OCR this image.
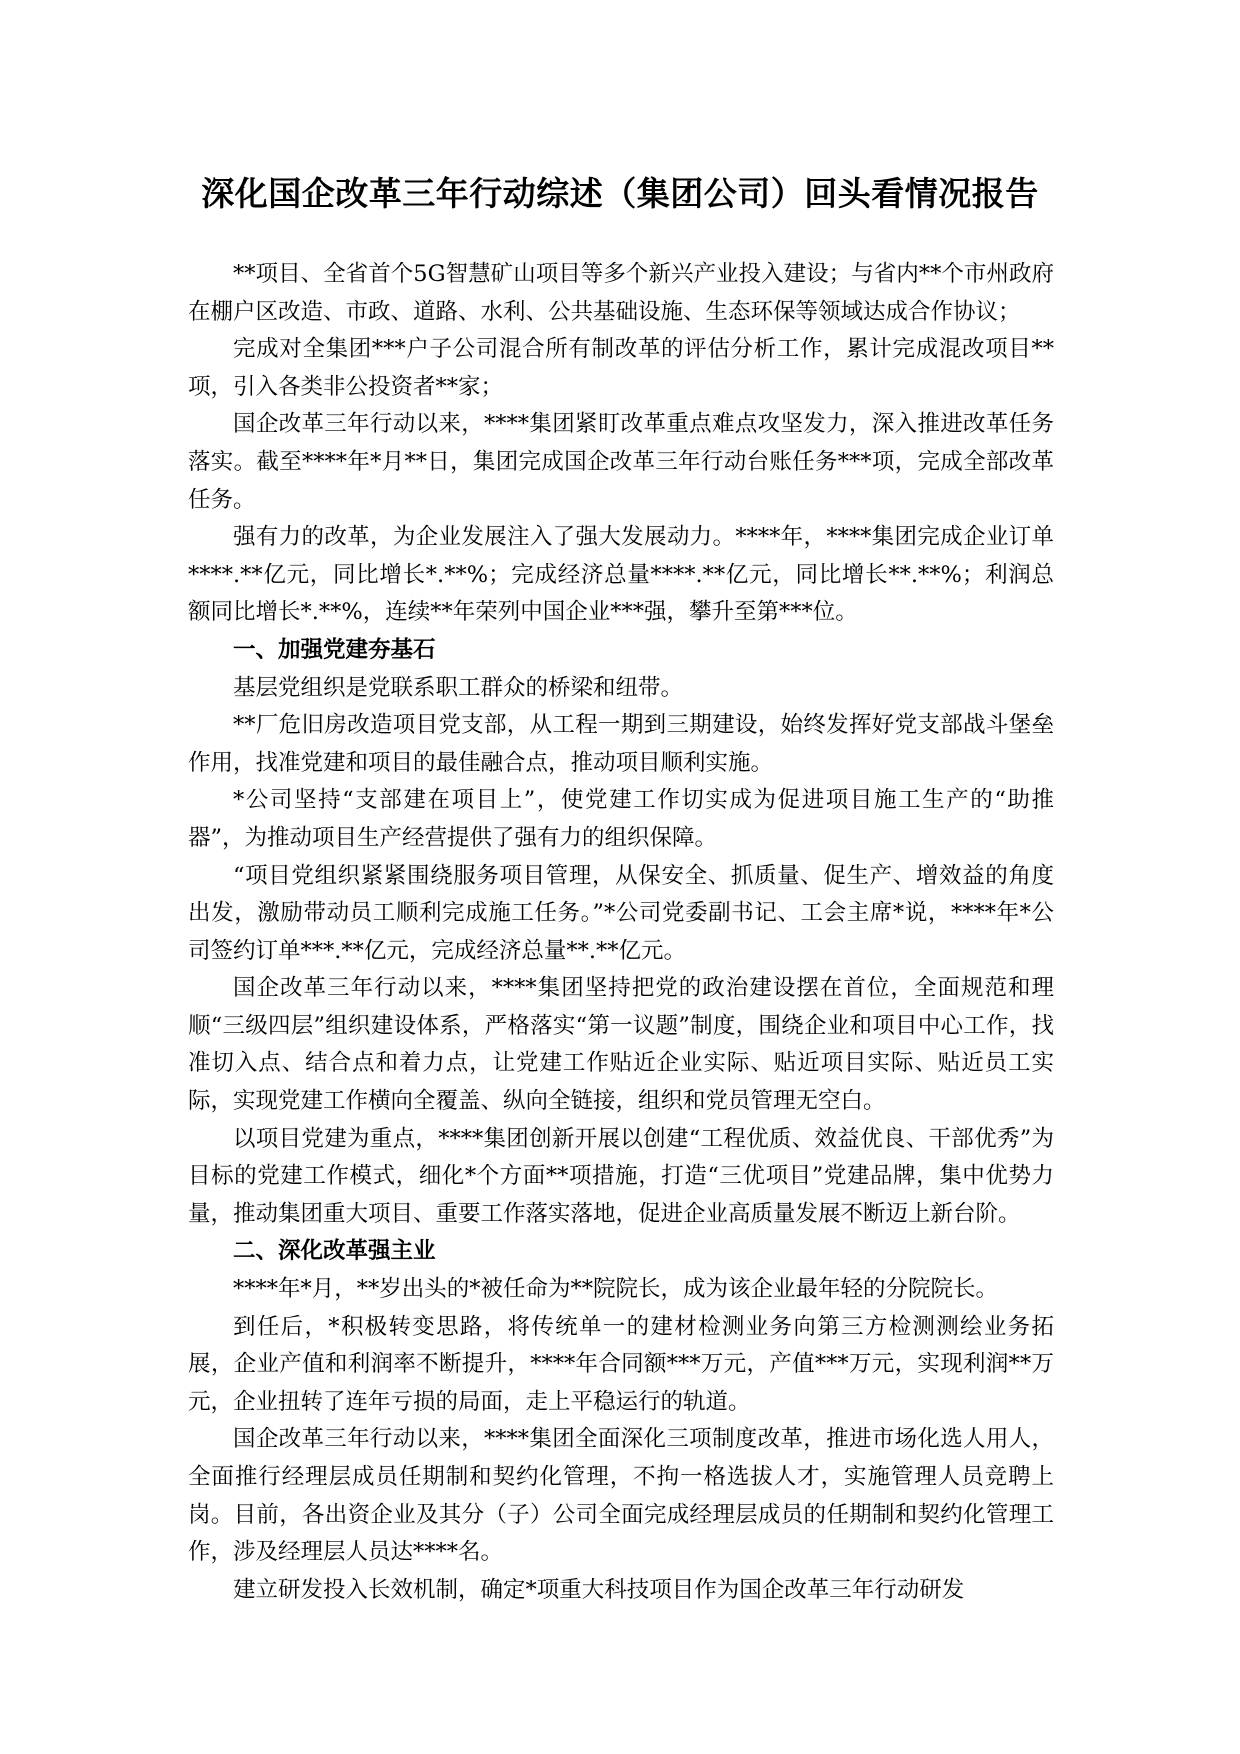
深化国企改革三年行动综述（集团公司）回头看情况报告

**项目、全省首个5G智慧矿山项目等多个新兴产业投入建设；与省内**个市州政府在棚户区改造、市政、道路、水利、公共基础设施、生态环保等领域达成合作协议；

完成对全集团***户子公司混合所有制改革的评估分析工作，累计完成混改项目**项，引入各类非公投资者**家；

国企改革三年行动以来，****集团紧盯改革重点难点攻坚发力，深入推进改革任务落实。截至****年*月**日，集团完成国企改革三年行动台账任务***项，完成全部改革任务。

强有力的改革，为企业发展注入了强大发展动力。****年，****集团完成企业订单****.**亿元，同比增长*.**%；完成经济总量****.**亿元，同比增长**.**%；利润总额同比增长*.**%，连续**年荣列中国企业***强，攀升至第***位。

一、加强党建夯基石

基层党组织是党联系职工群众的桥梁和纽带。

**厂危旧房改造项目党支部，从工程一期到三期建设，始终发挥好党支部战斗堡垒作用，找准党建和项目的最佳融合点，推动项目顺利实施。

*公司坚持“支部建在项目上”，使党建工作切实成为促进项目施工生产的“助推器”，为推动项目生产经营提供了强有力的组织保障。

“项目党组织紧紧围绕服务项目管理，从保安全、抓质量、促生产、增效益的角度出发，激励带动员工顺利完成施工任务。”*公司党委副书记、工会主席*说，****年*公司签约订单***.**亿元，完成经济总量**.**亿元。

国企改革三年行动以来，****集团坚持把党的政治建设摆在首位，全面规范和理顺“三级四层”组织建设体系，严格落实“第一议题”制度，围绕企业和项目中心工作，找准切入点、结合点和着力点，让党建工作贴近企业实际、贴近项目实际、贴近员工实际，实现党建工作横向全覆盖、纵向全链接，组织和党员管理无空白。

以项目党建为重点，****集团创新开展以创建“工程优质、效益优良、干部优秀”为目标的党建工作模式，细化*个方面**项措施，打造“三优项目”党建品牌，集中优势力量，推动集团重大项目、重要工作落实落地，促进企业高质量发展不断迈上新台阶。

二、深化改革强主业

****年*月，**岁出头的*被任命为**院院长，成为该企业最年轻的分院院长。

到任后，*积极转变思路，将传统单一的建材检测业务向第三方检测测绘业务拓展，企业产值和利润率不断提升，****年合同额***万元，产值***万元，实现利润**万元，企业扭转了连年亏损的局面，走上平稳运行的轨道。

国企改革三年行动以来，****集团全面深化三项制度改革，推进市场化选人用人，全面推行经理层成员任期制和契约化管理，不拘一格选拔人才，实施管理人员竞聘上岗。目前，各出资企业及其分（子）公司全面完成经理层成员的任期制和契约化管理工作，涉及经理层人员达****名。

建立研发投入长效机制，确定*项重大科技项目作为国企改革三年行动研发
